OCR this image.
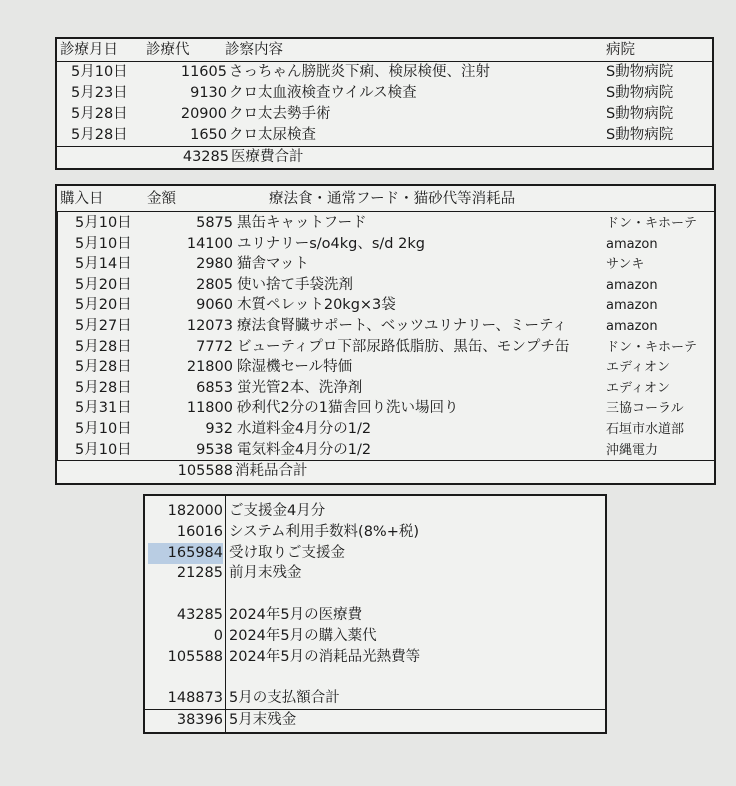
診療月日	診療代	診察内容	病院
5月10日	11605 さっちゃん膀胱炎下痢、検尿検便、注射	S動物病院
5月23日	9130 クロ太血液検査ウイルス検査	S動物病院
5月28日	20900 クロ太去勢手術	S動物病院
5月28日	1650 クロ太尿検査	S動物病院
43285 医療費合計
購入日	金額	療法食・通常フード・猫砂代等消耗品
5月10日	5875 黒缶キャットフード	ドン・キホーテ
5月10日	14100 ユリナリーs/o4kg、s/d 2kg	amazon
5月14日	2980 猫舎マット	サンキ
5月20日	2805 使い捨て手袋洗剤	amazon
5月20日	9060 木質ペレット20kg×3袋	amazon
5月27日	12073 療法食腎臓サポート、ベッツユリナリー、ミーティ	amazon
5月28日	7772 ビューティプロ下部尿路低脂肪、黒缶、モンプチ缶	ドン・キホーテ
5月28日	21800 除湿機セール特価	エディオン
5月28日	6853 蛍光管2本、洗浄剤	エディオン
5月31日	11800 砂利代2分の1猫舎回り洗い場回り	三協コーラル
5月10日	932 水道料金4月分の1/2	石垣市水道部
5月10日	9538 電気料金4月分の1/2	沖縄電力
105588 消耗品合計
182000 ご支援金4月分
16016 システム利用手数料(8%+税)
165984 受け取りご支援金
21285 前月末残金
43285 2024年5月の医療費
0 2024年5月の購入薬代
105588 2024年5月の消耗品光熱費等
148873 5月の支払額合計
38396 5月末残金
